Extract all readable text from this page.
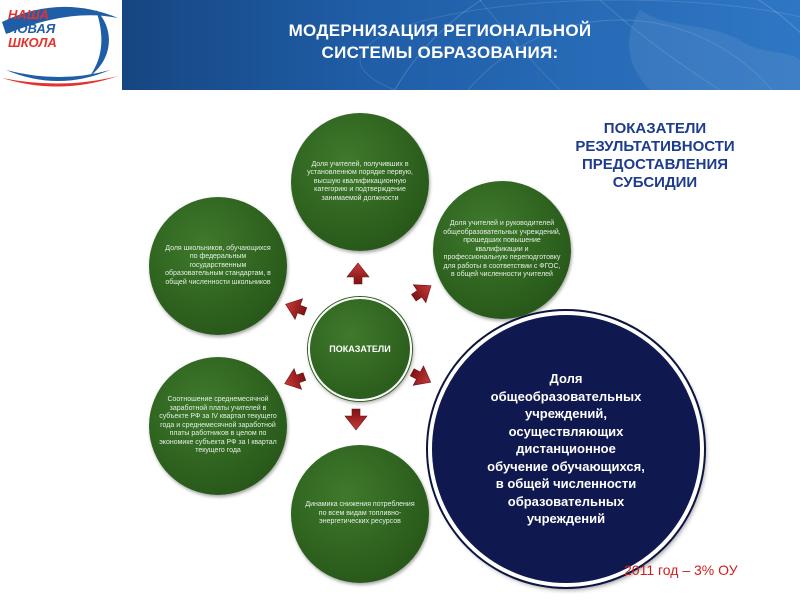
НАША
НОВАЯ
ШКОЛА
МОДЕРНИЗАЦИЯ РЕГИОНАЛЬНОЙ
СИСТЕМЫ ОБРАЗОВАНИЯ:
ПОКАЗАТЕЛИ
РЕЗУЛЬТАТИВНОСТИ
ПРЕДОСТАВЛЕНИЯ
СУБСИДИИ
Доля учителей, получивших в установленном порядке первую, высшую квалификационную категорию и подтверждение занимаемой должности
Доля учителей и руководителей общеобразовательных учреждений, прошедших повышение квалификации и профессиональную переподготовку для работы в соответствии с ФГОС, в общей численности учителей
Доля школьников, обучающихся по федеральным государственным образовательным стандартам, в общей численности школьников
Соотношение среднемесячной заработной платы учителей в субъекте РФ за IV квартал текущего года и среднемесячной заработной платы работников в целом по экономике субъекта РФ за I квартал текущего года
Динамика снижения потребления по всем видам топливно-энергетических ресурсов
ПОКАЗАТЕЛИ
Доля
общеобразовательных
учреждений,
осуществляющих
дистанционное
обучение обучающихся,
в общей численности
образовательных
учреждений
2011 год – 3% ОУ
